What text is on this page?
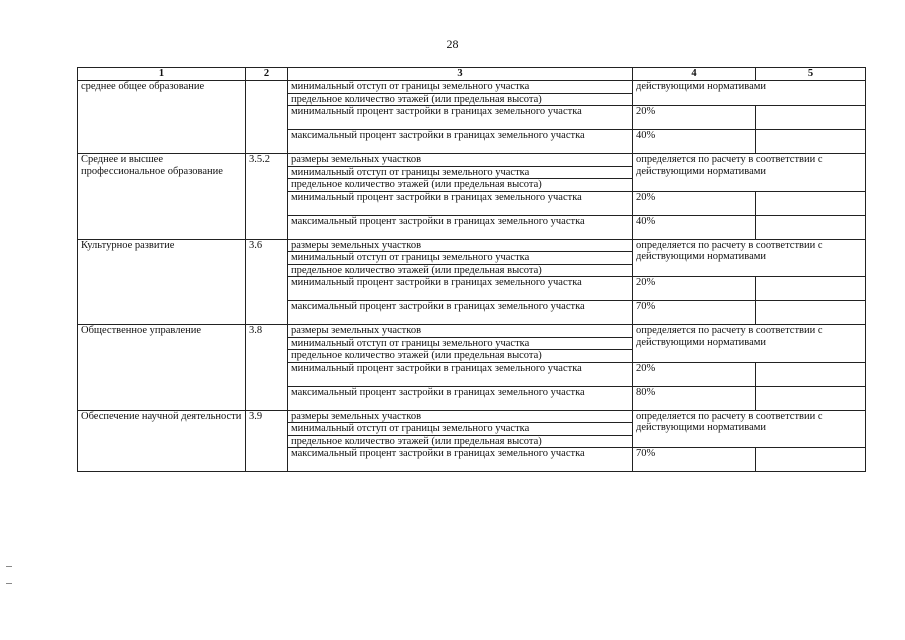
28
1	2	3	4	5
среднее общее образование		минимальный отступ от границы земельного участка	действующими нормативами	
		предельное количество этажей (или предельная высота)		
		минимальный процент застройки в границах земельного участка	20%	
		максимальный процент застройки в границах земельного участка	40%	
Среднее и высшее профессиональное образование	3.5.2	размеры земельных участков	определяется по расчету в соответствии с действующими нормативами	
		минимальный отступ от границы земельного участка		
		предельное количество этажей (или предельная высота)		
		минимальный процент застройки в границах земельного участка	20%	
		максимальный процент застройки в границах земельного участка	40%	
Культурное развитие	3.6	размеры земельных участков	определяется по расчету в соответствии с действующими нормативами	
		минимальный отступ от границы земельного участка		
		предельное количество этажей (или предельная высота)		
		минимальный процент застройки в границах земельного участка	20%	
		максимальный процент застройки в границах земельного участка	70%	
Общественное управление	3.8	размеры земельных участков	определяется по расчету в соответствии с действующими нормативами	
		минимальный отступ от границы земельного участка		
		предельное количество этажей (или предельная высота)		
		минимальный процент застройки в границах земельного участка	20%	
		максимальный процент застройки в границах земельного участка	80%	
Обеспечение научной деятельности	3.9	размеры земельных участков	определяется по расчету в соответствии с действующими нормативами	
		минимальный отступ от границы земельного участка		
		предельное количество этажей (или предельная высота)		
		максимальный процент застройки в границах земельного участка	70%	
